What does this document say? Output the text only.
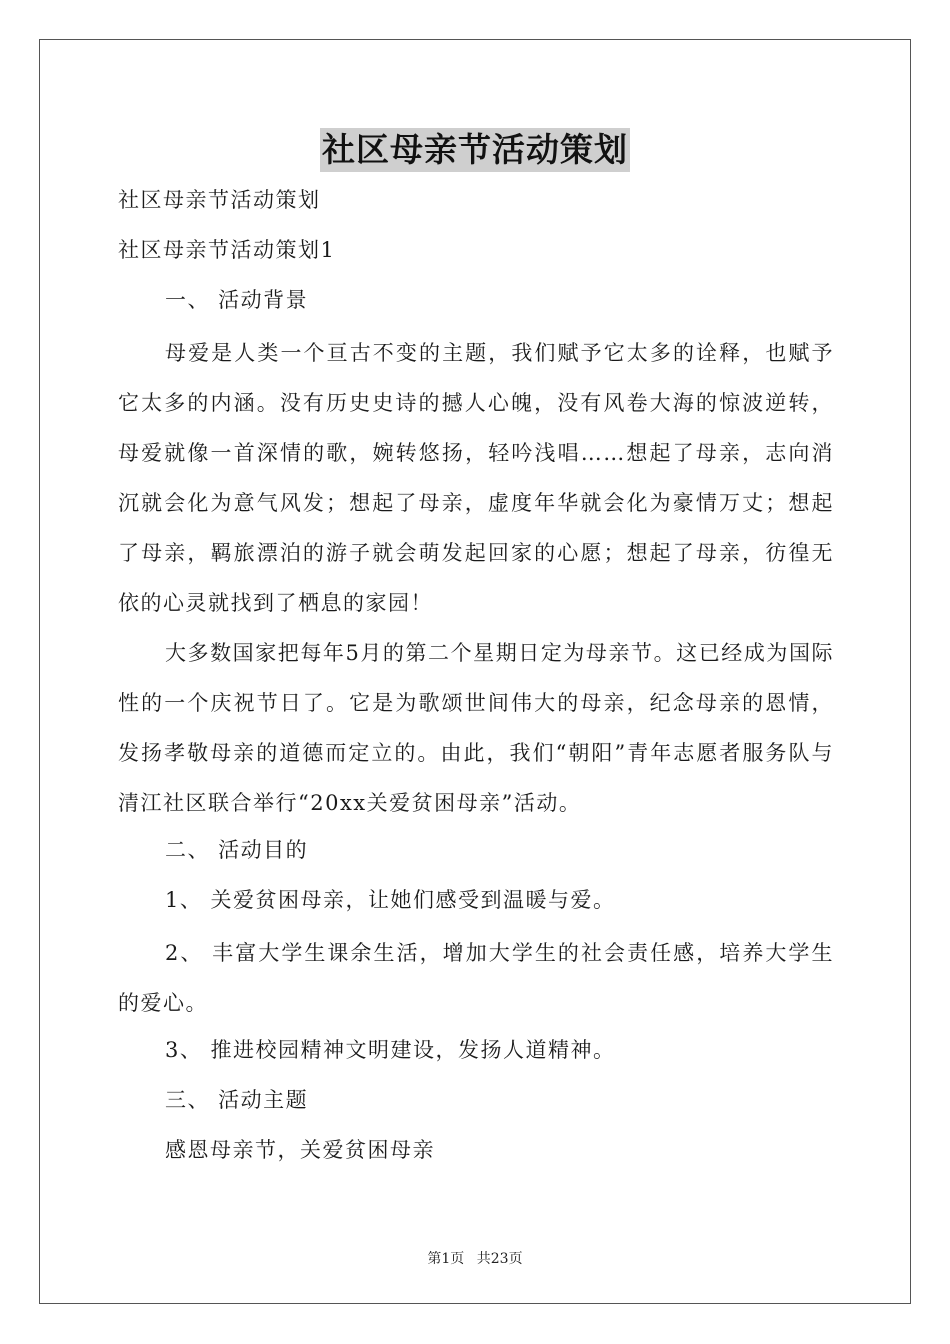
社区母亲节活动策划
社区母亲节活动策划
社区母亲节活动策划1
一、 活动背景
母爱是人类一个亘古不变的主题，我们赋予它太多的诠释，也赋予它太多的内涵。没有历史史诗的撼人心魄，没有风卷大海的惊波逆转，母爱就像一首深情的歌，婉转悠扬，轻吟浅唱……想起了母亲，志向消沉就会化为意气风发；想起了母亲，虚度年华就会化为豪情万丈；想起了母亲，羁旅漂泊的游子就会萌发起回家的心愿；想起了母亲，彷徨无依的心灵就找到了栖息的家园！
大多数国家把每年5月的第二个星期日定为母亲节。这已经成为国际性的一个庆祝节日了。它是为歌颂世间伟大的母亲，纪念母亲的恩情，发扬孝敬母亲的道德而定立的。由此，我们“朝阳”青年志愿者服务队与清江社区联合举行“20xx关爱贫困母亲”活动。
二、 活动目的
1、 关爱贫困母亲，让她们感受到温暖与爱。
2、 丰富大学生课余生活，增加大学生的社会责任感，培养大学生的爱心。
3、 推进校园精神文明建设，发扬人道精神。
三、 活动主题
感恩母亲节，关爱贫困母亲
第1页 共23页
